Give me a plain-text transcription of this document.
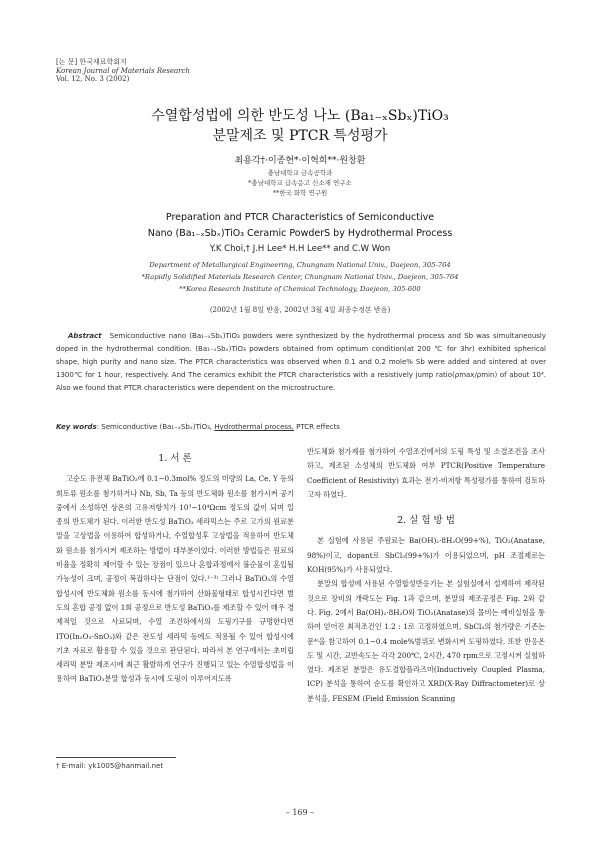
[논 문] 한국재료학회지
Korean Journal of Materials Research
Vol. 12, No. 3 (2002)
수열합성법에 의한 반도성 나노 (Ba₁₋ₓSbₓ)TiO₃
분말제조 및 PTCR 특성평가
최용각†·이종현*·이혁희**·원창환
충남대학교 금속공학과
*충남대학교 급속응고 신소재 연구소
**한국 화학 연구원
Preparation and PTCR Characteristics of Semiconductive
Nano (Ba₁₋ₓSbₓ)TiO₃ Ceramic PowderS by Hydrothermal Process
Y.K Choi,† J.H Lee* H.H Lee** and C.W Won
Department of Metallurgical Engineering, Chungnam National Univ., Daejeon, 305-764
*Rapidly Solidified Materials Research Center, Chungnam National Univ., Daejeon, 305-764
**Korea Research Institute of Chemical Technology, Daejeon, 305-600
(2002년 1월 8일 받음, 2002년 3월 4일 최종수정본 받음)
Abstract Semiconductive nano (Ba₁₋ₓSbₓ)TiO₃ powders were synthesized by the hydrothermal process and Sb was simultaneously doped in the hydrothermal condition. (Ba₁₋ₓSbₓ)TiO₃ powders obtained from optimum condition(at 200 ℃ for 3hr) exhibited spherical shape, high purity and nano size. The PTCR characteristics was observed when 0.1 and 0.2 mole% Sb were added and sintered at over 1300℃ for 1 hour, respectively. And The ceramics exhibit the PTCR characteristics with a resistively jump ratio(ρmax/ρmin) of about 10⁴. Also we found that PTCR characteristics were dependent on the microstructure.
Key words: Semiconductive (Ba₁₋ₓSbₓ)TiO₃, Hydrothermal process, PTCR effects
1. 서 론

고순도 유전체 BaTiO₃에 0.1∼0.3mol% 정도의 미량의 La, Ce, Y 등의 희토류 원소를 첨가하거나 Nb, Sb, Ta 등의 반도체화 원소를 첨가시켜 공기중에서 소성하면 상온의 고유저항치가 10³∼10⁴Ωcm 정도의 값이 되며 일종의 반도체가 된다. 이러한 반도성 BaTiO₃ 세라믹스는 주로 고가의 원료분말을 고상법을 이용하여 합성하거나, 수열합성후 고상법을 적용하여 반도체화 원소를 첨가시켜 제조하는 방법이 대부분이었다. 이러한 방법들은 원료의 비율을 정확히 제어할 수 있는 장점이 있으나 혼합과정에서 불순물이 혼입될 가능성이 크며, 공정이 복잡하다는 단점이 있다.¹⁻³⁾ 그러나 BaTiO₃의 수열합성시에 반도체화 원소를 동시에 첨가하여 산화물형태로 합성시킨다면 별도의 혼합 공정 없이 1회 공정으로 반도성 BaTiO₃를 제조할 수 있어 매우 경제적일 것으로 사료되며, 수열 조건하에서의 도핑기구를 규명한다면 ITO(In₂O₃-SnO₂)와 같은 전도성 세라믹 등에도 적용될 수 있어 합성시에 기초 자료로 활용할 수 있을 것으로 판단된다. 따라서 본 연구에서는 초미립 세라믹 분말 제조시에 최근 활발하게 연구가 진행되고 있는 수열합성법을 이용하여 BaTiO₃분말 합성과 동시에 도핑이 이루어지도록

반도체화 첨가제를 첨가하여 수열조건에서의 도핑 특성 및 소결조건을 조사하고, 제조된 소성체의 반도체화 여부 PTCR(Positive Temperature Coefficient of Resistivity) 효과는 전기-비저항 특성평가를 통하여 검토하고자 하였다.

2. 실 험 방 법

본 실험에 사용된 주원료는 Ba(OH)₂·8H₂O(99+%), TiO₂(Anatase, 98%)이고, dopant로 SbCl₃(99+%)가 이용되었으며, pH 조절제로는 KOH(95%)가 사용되었다.

분말의 합성에 사용된 수열합성반응기는 본 실험실에서 설계하여 제작된 것으로 장비의 개략도는 Fig. 1과 같으며, 분말의 제조공정은 Fig. 2와 같다. Fig. 2에서 Ba(OH)₂·8H₂O와 TiO₂(Anatase)의 몰비는 예비실험을 통하여 얻어진 최적조건인 1.2 : 1로 고정하였으며, SbCl₃의 첨가량은 기존논문⁴⁾을 참고하여 0.1∼0.4 mole%범위로 변화시켜 도핑하였다. 또한 반응온도 및 시간, 교반속도는 각각 200℃, 2시간, 470 rpm으로 고정시켜 실험하였다. 제조된 분말은 유도결합플라즈마(Inductively Coupled Plasma, ICP) 분석을 통하여 순도를 확인하고 XRD(X-Ray Diffractometer)로 상분석을, FESEM (Field Emission Scanning

† E-mail: yk1005@hanmail.net
– 169 –
